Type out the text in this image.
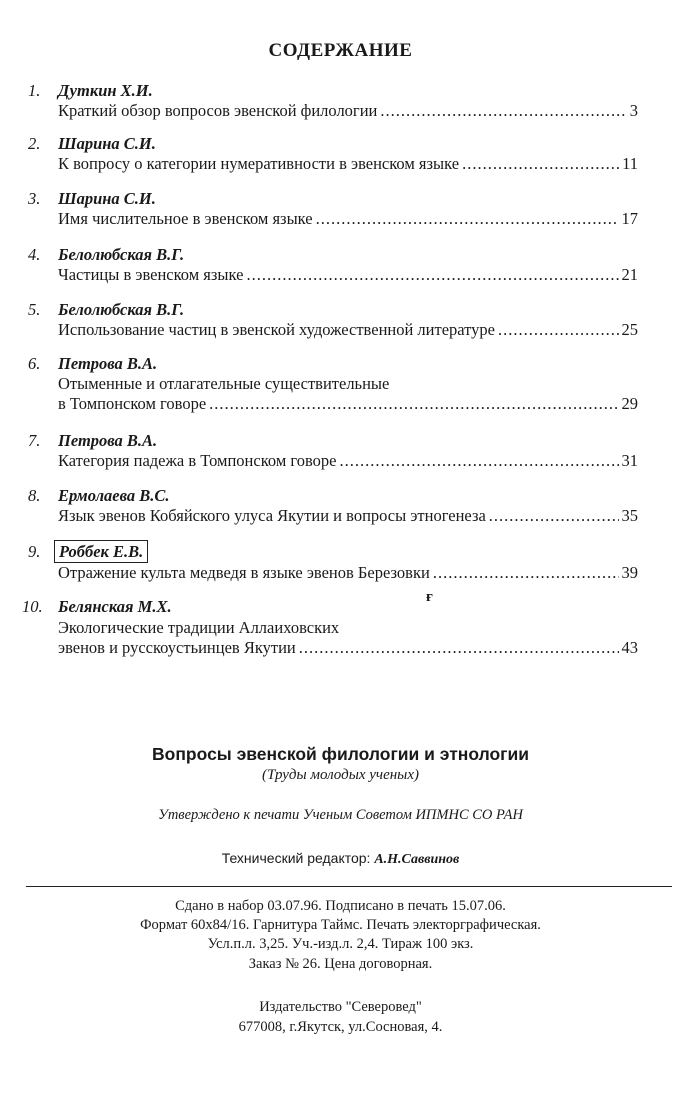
СОДЕРЖАНИЕ
1. Дуткин Х.И.
Краткий обзор вопросов эвенской филологии .....	3
2. Шарина С.И.
К вопросу о категории нумеративности в эвенском языке .....	11
3. Шарина С.И.
Имя числительное в эвенском языке .....	17
4. Белолюбская В.Г.
Частицы в эвенском языке .....	21
5. Белолюбская В.Г.
Использование частиц в эвенской художественной литературе .....	25
6. Петрова В.А.
Отыменные и отлагательные существительные
в Томпонском говоре .....	29
7. Петрова В.А.
Категория падежа в Томпонском говоре .....	31
8. Ермолаева В.С.
Язык эвенов Кобяйского улуса Якутии и вопросы этногенеза .....	35
9.	Роббек Е.В.
Отражение культа медведя в языке эвенов Березовки .....	39
10. Белянская М.Х.
Экологические традиции Аллаиховских
эвенов и русскоустьинцев Якутии .....	43
ғ
Вопросы эвенской филологии и этнологии
(Труды молодых ученых)
Утверждено к печати Ученым Советом ИПМНС СО РАН
Технический редактор: А.Н.Саввинов
Сдано в набор 03.07.96. Подписано в печать 15.07.06.
Формат 60х84/16. Гарнитура Таймс. Печать электорграфическая.
Усл.п.л. 3,25. Уч.-изд.л. 2,4. Тираж 100 экз.
Заказ № 26. Цена договорная.
Издательство "Северовед"
677008, г.Якутск, ул.Сосновая, 4.
